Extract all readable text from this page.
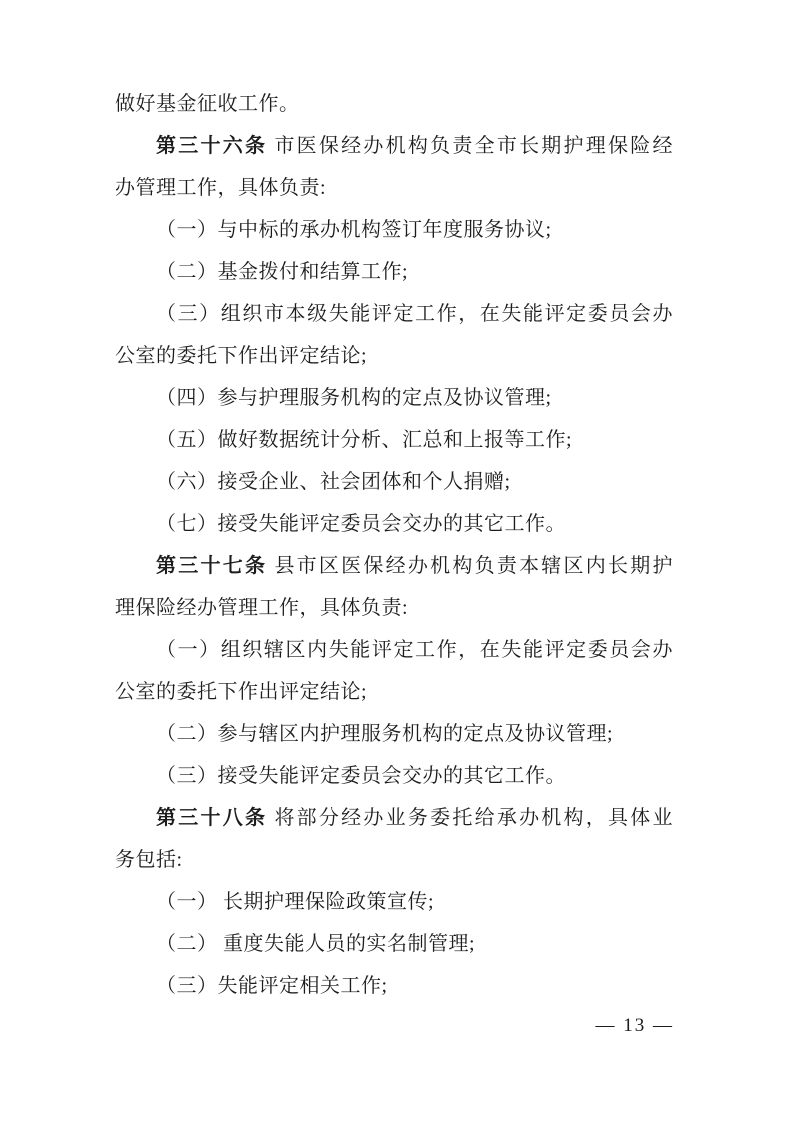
做好基金征收工作。
第三十六条 市医保经办机构负责全市长期护理保险经
办管理工作，具体负责:
（一）与中标的承办机构签订年度服务协议;
（二）基金拨付和结算工作;
（三）组织市本级失能评定工作，在失能评定委员会办
公室的委托下作出评定结论;
（四）参与护理服务机构的定点及协议管理;
（五）做好数据统计分析、汇总和上报等工作;
（六）接受企业、社会团体和个人捐赠;
（七）接受失能评定委员会交办的其它工作。
第三十七条 县市区医保经办机构负责本辖区内长期护
理保险经办管理工作，具体负责:
（一）组织辖区内失能评定工作，在失能评定委员会办
公室的委托下作出评定结论;
（二）参与辖区内护理服务机构的定点及协议管理;
（三）接受失能评定委员会交办的其它工作。
第三十八条 将部分经办业务委托给承办机构，具体业
务包括:
（一） 长期护理保险政策宣传;
（二） 重度失能人员的实名制管理;
（三）失能评定相关工作;
— 13 —
